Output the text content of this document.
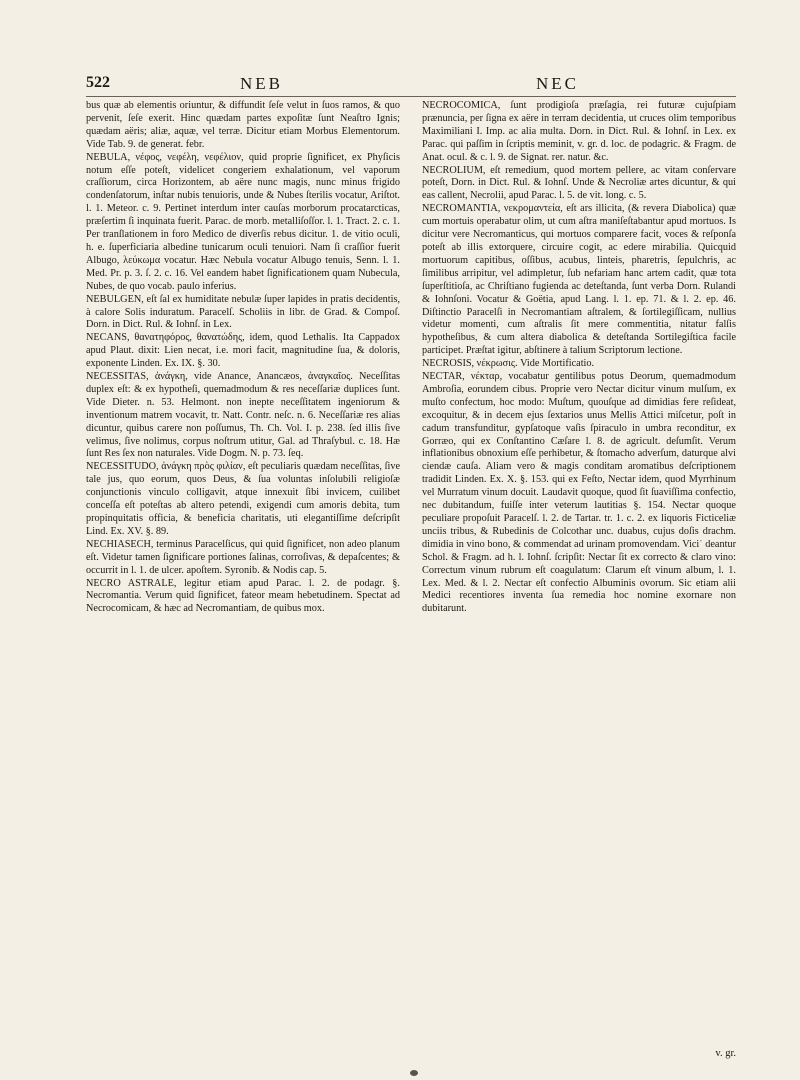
522	NEB	NEC

bus quæ ab elementis oriuntur, & diffundit ſeſe velut in ſuos ramos, & quo pervenit, ſeſe exerit. Hinc quædam partes expoſitæ ſunt Neaſtro Ignis; quædam aëris; aliæ, aquæ, vel terræ. Dicitur etiam Morbus Elementorum. Vide Tab. 9. de generat. febr.

NEBULA, νέφος, νεφέλη, νεφέλιον, quid proprie ſignificet, ex Phyſicis notum eſſe poteſt, videlicet congeriem exhalationum, vel vaporum craſſiorum, circa Horizontem, ab aëre nunc magis, nunc minus frigido condenſatorum, inſtar nubis tenuioris, unde & Nubes ſterilis vocatur, Ariſtot. l. 1. Meteor. c. 9. Pertinet interdum inter cauſas morborum procatarcticas, præſertim ſi inquinata fuerit. Parac. de morb. metalliſoſſor. l. 1. Tract. 2. c. 1. Per tranſlationem in foro Medico de diverſis rebus dicitur. 1. de vitio oculi, h. e. ſuperficiaria albedine tunicarum oculi tenuiori. Nam ſi craſſior fuerit Albugo, λεύκωμα vocatur. Hæc Nebula vocatur Albugo tenuis, Senn. l. 1. Med. Pr. p. 3. ſ. 2. c. 16. Vel eandem habet ſignificationem quam Nubecula, Nubes, de quo vocab. paulo inferius.

NEBULGEN, eſt ſal ex humiditate nebulæ ſuper lapides in pratis decidentis, à calore Solis induratum. Paracelſ. Scholiis in libr. de Grad. & Compoſ. Dorn. in Dict. Rul. & Iohnſ. in Lex.

NECANS, θανατηφόρος, θανατώδης, idem, quod Lethalis. Ita Cappadox apud Plaut. dixit: Lien necat, i.e. mori facit, magnitudine ſua, & doloris, exponente Linden. Ex. IX. §. 30.

NECESSITAS, ἀνάγκη, vide Anance, Anancæos, ἀναγκαῖος. Neceſſitas duplex eſt: & ex hypotheſi, quemadmodum & res neceſſariæ duplices ſunt. Vide Dieter. n. 53. Helmont. non inepte neceſſitatem ingeniorum & inventionum matrem vocavit, tr. Natt. Contr. neſc. n. 6. Neceſſariæ res alias dicuntur, quibus carere non poſſumus, Th. Ch. Vol. I. p. 238. ſed illis ſive velimus, ſive nolimus, corpus noſtrum utitur, Gal. ad Thraſybul. c. 18. Hæ ſunt Res ſex non naturales. Vide Dogm. N. p. 73. ſeq.

NECESSITUDO, ἀνάγκη πρὸς φιλίαν, eſt peculiaris quædam neceſſitas, ſive tale jus, quo eorum, quos Deus, & ſua voluntas inſolubili religioſæ conjunctionis vinculo colligavit, atque innexuit ſibi invicem, cuilibet conceſſa eſt poteſtas ab altero petendi, exigendi cum amoris debita, tum propinquitatis officia, & beneficia charitatis, uti elegantiſſime deſcripſit Lind. Ex. XV. §. 89.

NECHIASECH, terminus Paracelſicus, qui quid ſignificet, non adeo planum eſt. Videtur tamen ſignificare portiones ſalinas, corroſivas, & depaſcentes; & occurrit in l. 1. de ulcer. apoſtem. Syronib. & Nodis cap. 5.

NECRO ASTRALE, legitur etiam apud Parac. l. 2. de podagr. §. Necromantia. Verum quid ſignificet, fateor meam hebetudinem. Spectat ad Necrocomicam, & hæc ad Necromantiam, de quibus mox.

NECROCOMICA, ſunt prodigioſa præſagia, rei futuræ cujuſpiam prænuncia, per ſigna ex aëre in terram decidentia, ut cruces olim temporibus Maximiliani I. Imp. ac alia multa. Dorn. in Dict. Rul. & Iohnſ. in Lex. ex Parac. qui paſſim in ſcriptis meminit, v. gr. d. loc. de podagric. & Fragm. de Anat. ocul. & c. l. 9. de Signat. rer. natur. &c.

NECROLIUM, eſt remedium, quod mortem pellere, ac vitam conſervare poteſt, Dorn. in Dict. Rul. & Iohnſ. Unde & Necroliæ artes dicuntur, & qui eas callent, Necrolii, apud Parac. l. 5. de vit. long. c. 5.

NECROMANTIA, νεκρομαντεία, eſt ars illicita, (& revera Diabolica) quæ cum mortuis operabatur olim, ut cum aſtra maniſeſtabantur apud mortuos. Is dicitur vere Necromanticus, qui mortuos comparere facit, voces & reſponſa poteſt ab illis extorquere, circuire cogit, ac edere mirabilia. Quicquid mortuorum capitibus, oſſibus, acubus, linteis, pharetris, ſepulchris, ac ſimilibus arripitur, vel adimpletur, ſub nefariam hanc artem cadit, quæ tota ſuperſtitioſa, ac Chriſtiano fugienda ac deteſtanda, ſunt verba Dorn. Rulandi & Iohnſoni. Vocatur & Goëtia, apud Lang. l. 1. ep. 71. & l. 2. ep. 46. Diſtinctio Paracelſi in Necromantiam aſtralem, & ſortilegiſſicam, nullius videtur momenti, cum aſtralis ſit mere commentitia, nitatur falſis hypotheſibus, & cum altera diabolica & deteſtanda Sortilegiſtica facile participet. Præſtat igitur, abſtinere à talium Scriptorum lectione.

NECROSIS, νέκρωσις. Vide Mortificatio.

NECTAR, νέκταρ, vocabatur gentilibus potus Deorum, quemadmodum Ambroſia, eorundem cibus. Proprie vero Nectar dicitur vinum mulſum, ex muſto confectum, hoc modo: Muſtum, quouſque ad dimidias fere reſideat, excoquitur, & in decem ejus ſextarios unus Mellis Attici miſcetur, poſt in cadum transfunditur, gypſatoque vaſis ſpiraculo in umbra reconditur, ex Gorræo, qui ex Conſtantino Cæſare l. 8. de agricult. deſumſit. Verum inflationibus obnoxium eſſe perhibetur, & ſtomacho adverſum, daturque alvi ciendæ cauſa. Aliam vero & magis conditam aromatibus deſcriptionem tradidit Linden. Ex. X. §. 153. qui ex Feſto, Nectar idem, quod Myrrhinum vel Murratum vinum docuit. Laudavit quoque, quod ſit ſuaviſſima confectio, nec dubitandum, fuiſſe inter veterum lautitias §. 154. Nectar quoque peculiare propoſuit Paracelſ. l. 2. de Tartar. tr. 1. c. 2. ex liquoris Ficticeliæ unciis tribus, & Rubedinis de Colcothar unc. duabus, cujus doſis drachm. dimidia in vino bono, & commendat ad urinam promovendam. Viciˈ deantur Schol. & Fragm. ad h. l. Iohnſ. ſcripſit: Nectar ſit ex correcto & claro vino: Correctum vinum rubrum eſt coagulatum: Clarum eſt vinum album, l. 1. Lex. Med. & l. 2. Nectar eſt confectio Albuminis ovorum. Sic etiam alii Medici recentiores inventa ſua remedia hoc nomine exornare non dubitarunt.

v. gr.
